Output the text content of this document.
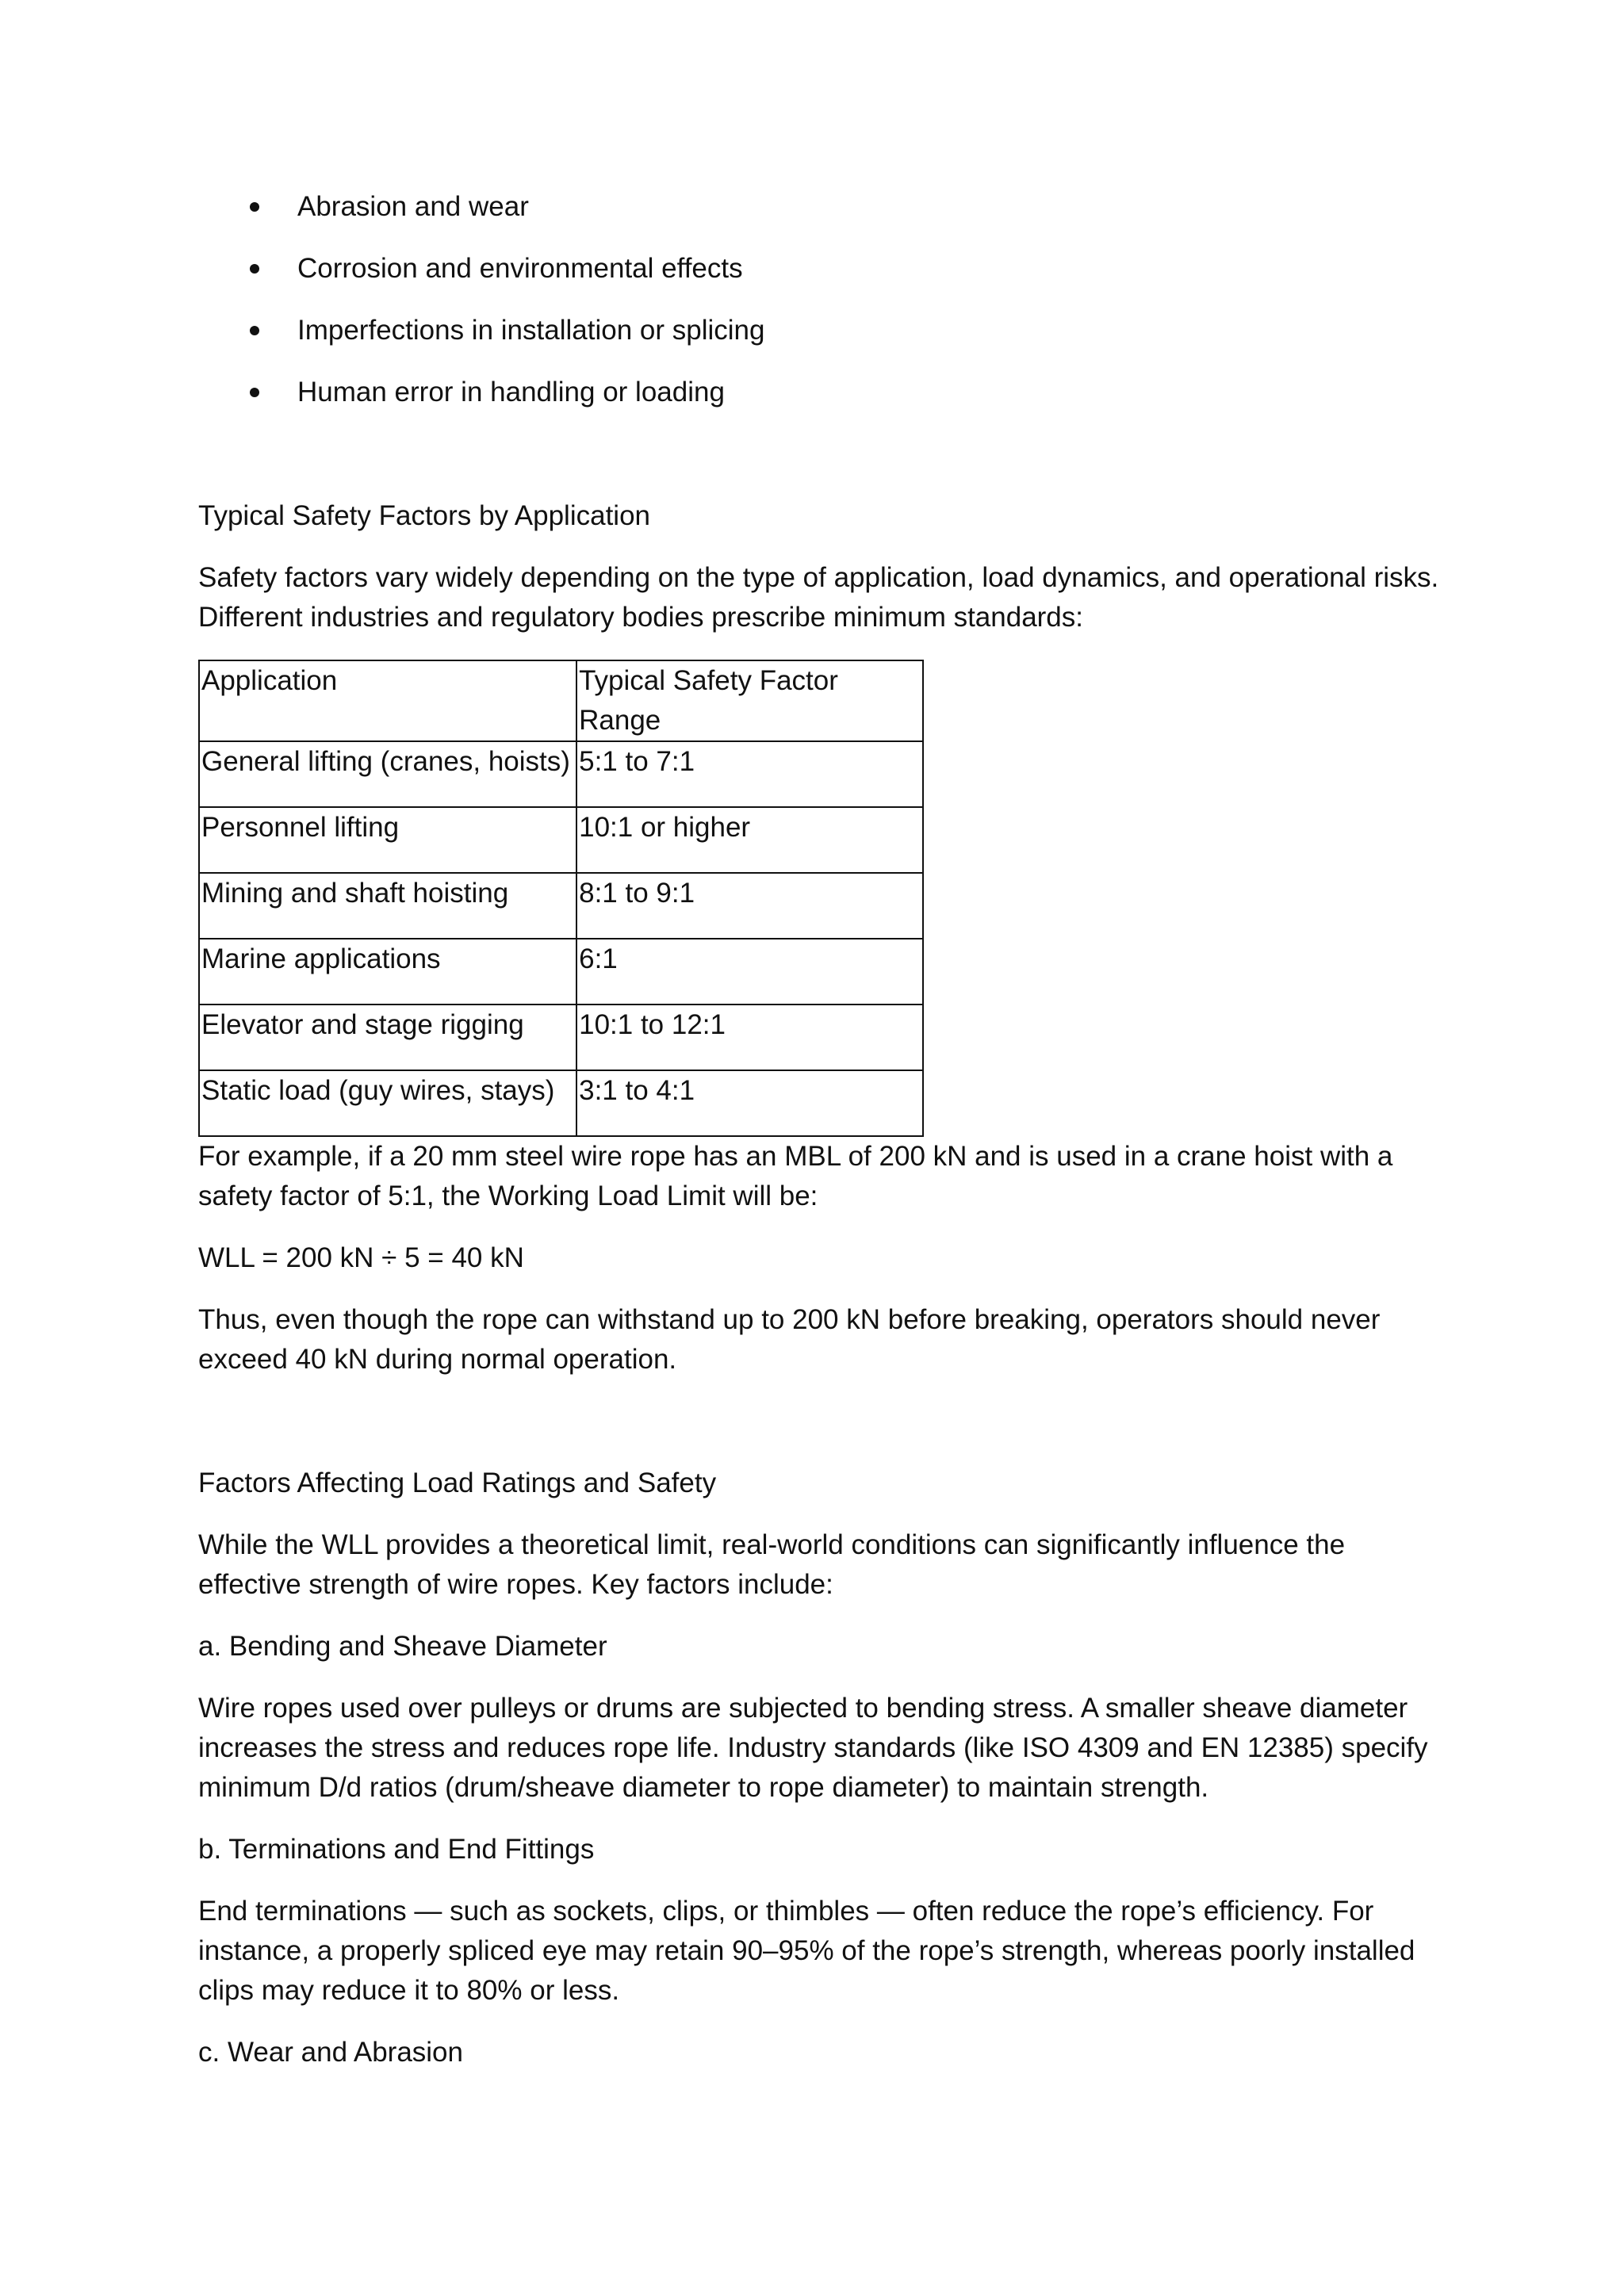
Abrasion and wear
Corrosion and environmental effects
Imperfections in installation or splicing
Human error in handling or loading

Typical Safety Factors by Application

Safety factors vary widely depending on the type of application, load dynamics, and operational risks.
Different industries and regulatory bodies prescribe minimum standards:

Application	Typical Safety Factor Range
General lifting (cranes, hoists)	5:1 to 7:1
Personnel lifting	10:1 or higher
Mining and shaft hoisting	8:1 to 9:1
Marine applications	6:1
Elevator and stage rigging	10:1 to 12:1
Static load (guy wires, stays)	3:1 to 4:1

For example, if a 20 mm steel wire rope has an MBL of 200 kN and is used in a crane hoist with a
safety factor of 5:1, the Working Load Limit will be:

WLL = 200 kN ÷ 5 = 40 kN

Thus, even though the rope can withstand up to 200 kN before breaking, operators should never
exceed 40 kN during normal operation.

Factors Affecting Load Ratings and Safety

While the WLL provides a theoretical limit, real-world conditions can significantly influence the
effective strength of wire ropes. Key factors include:

a. Bending and Sheave Diameter

Wire ropes used over pulleys or drums are subjected to bending stress. A smaller sheave diameter
increases the stress and reduces rope life. Industry standards (like ISO 4309 and EN 12385) specify
minimum D/d ratios (drum/sheave diameter to rope diameter) to maintain strength.

b. Terminations and End Fittings

End terminations — such as sockets, clips, or thimbles — often reduce the rope’s efficiency. For
instance, a properly spliced eye may retain 90–95% of the rope’s strength, whereas poorly installed
clips may reduce it to 80% or less.

c. Wear and Abrasion
